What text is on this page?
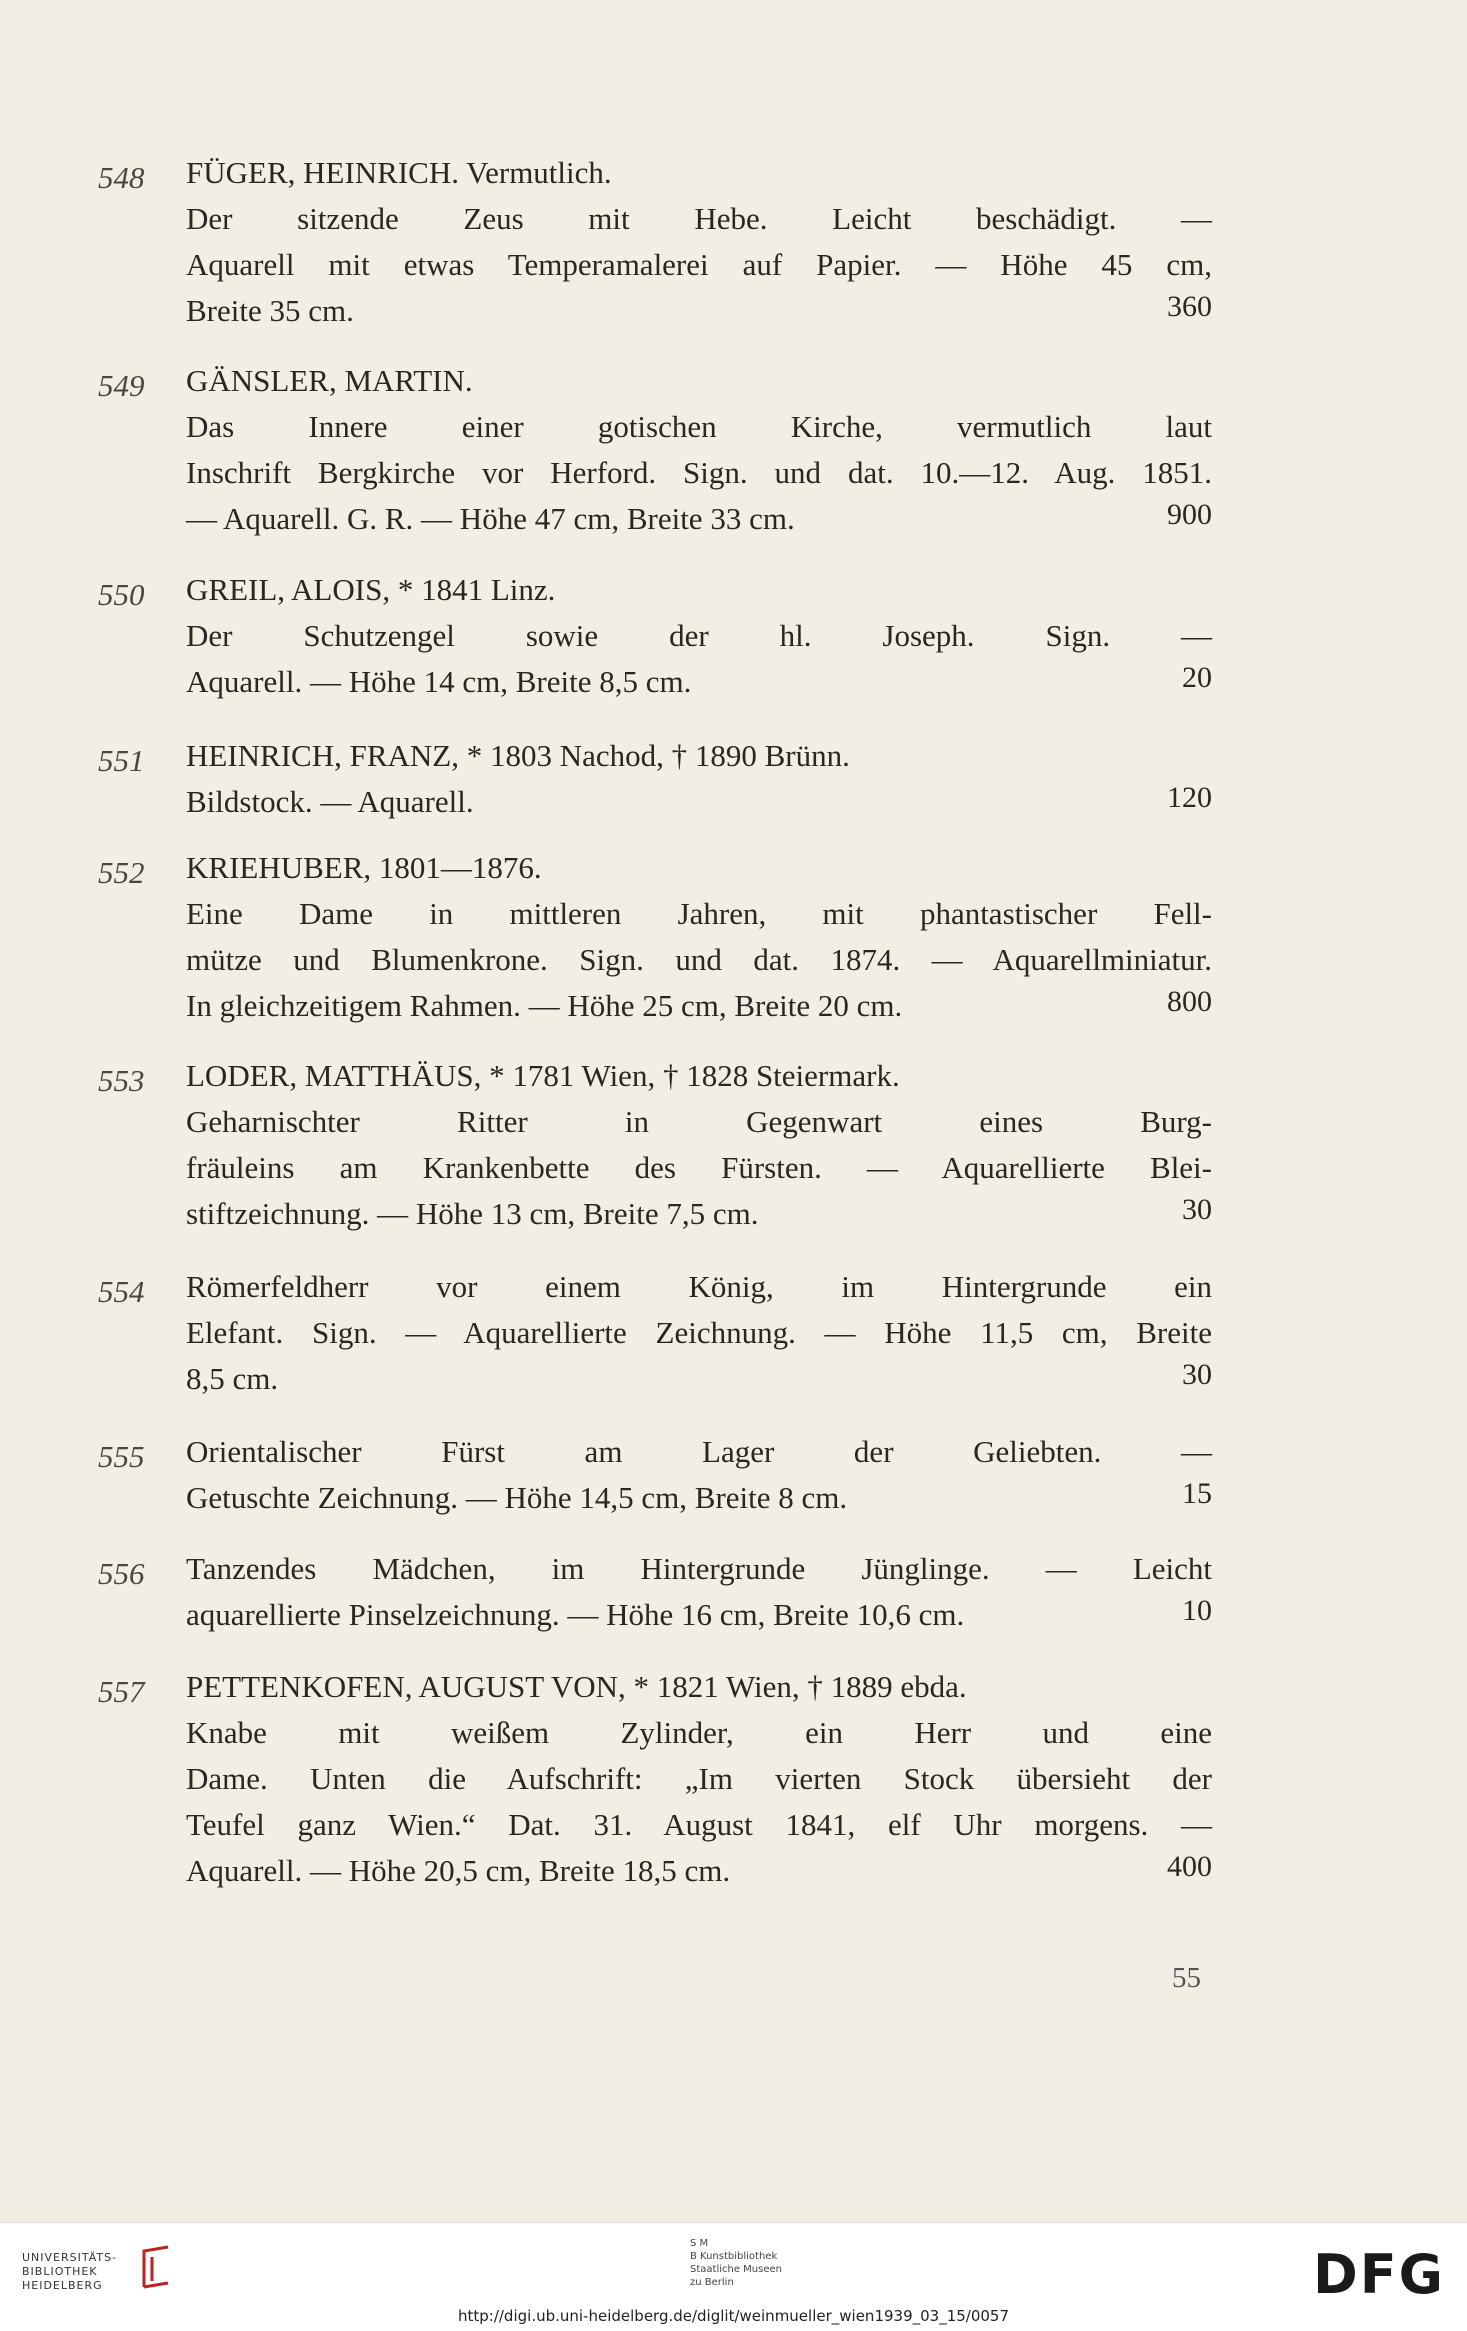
548	FÜGER, HEINRICH. Vermutlich.
Der sitzende Zeus mit Hebe. Leicht beschädigt. —
Aquarell mit etwas Temperamalerei auf Papier. — Höhe 45 cm,
Breite 35 cm.	360
549	GÄNSLER, MARTIN.
Das Innere einer gotischen Kirche, vermutlich laut
Inschrift Bergkirche vor Herford. Sign. und dat. 10.—12. Aug. 1851.
— Aquarell. G. R. — Höhe 47 cm, Breite 33 cm.	900
550	GREIL, ALOIS, * 1841 Linz.
Der Schutzengel sowie der hl. Joseph. Sign. —
Aquarell. — Höhe 14 cm, Breite 8,5 cm.	20
551	HEINRICH, FRANZ, * 1803 Nachod, † 1890 Brünn.
Bildstock. — Aquarell.	120
552	KRIEHUBER, 1801—1876.
Eine Dame in mittleren Jahren, mit phantastischer Fell-
mütze und Blumenkrone. Sign. und dat. 1874. — Aquarellminiatur.
In gleichzeitigem Rahmen. — Höhe 25 cm, Breite 20 cm.	800
553	LODER, MATTHÄUS, * 1781 Wien, † 1828 Steiermark.
Geharnischter Ritter in Gegenwart eines Burg-
fräuleins am Krankenbette des Fürsten. — Aquarellierte Blei-
stiftzeichnung. — Höhe 13 cm, Breite 7,5 cm.	30
554	Römerfeldherr vor einem König, im Hintergrunde ein
Elefant. Sign. — Aquarellierte Zeichnung. — Höhe 11,5 cm, Breite
8,5 cm.	30
555	Orientalischer Fürst am Lager der Geliebten. —
Getuschte Zeichnung. — Höhe 14,5 cm, Breite 8 cm.	15
556	Tanzendes Mädchen, im Hintergrunde Jünglinge. — Leicht
aquarellierte Pinselzeichnung. — Höhe 16 cm, Breite 10,6 cm.	10
557	PETTENKOFEN, AUGUST VON, * 1821 Wien, † 1889 ebda.
Knabe mit weißem Zylinder, ein Herr und eine
Dame. Unten die Aufschrift: „Im vierten Stock übersieht der
Teufel ganz Wien.“ Dat. 31. August 1841, elf Uhr morgens. —
Aquarell. — Höhe 20,5 cm, Breite 18,5 cm.	400
55
UNIVERSITÄTS-
BIBLIOTHEK
HEIDELBERG
S M
B Kunstbibliothek
Staatliche Museen
zu Berlin	DFG
http://digi.ub.uni-heidelberg.de/diglit/weinmueller_wien1939_03_15/0057
